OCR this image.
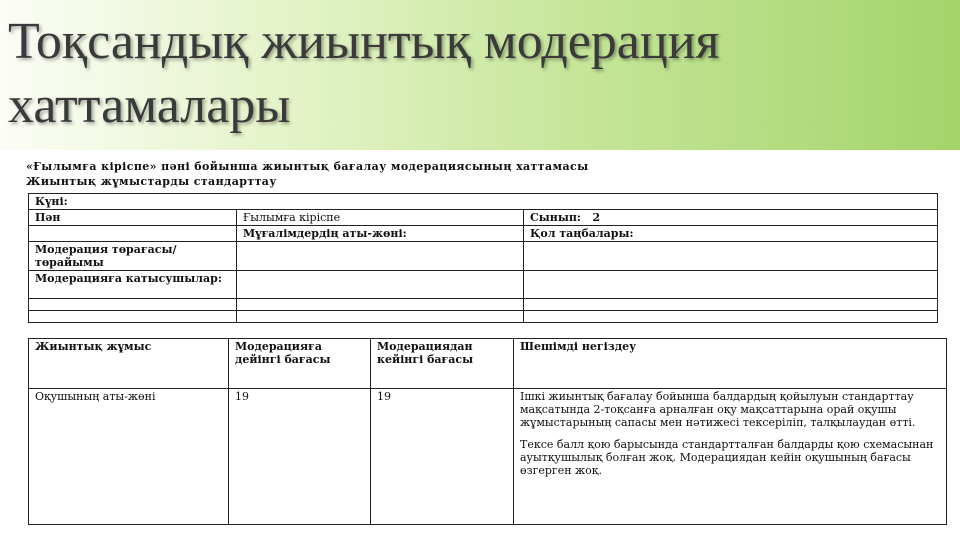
Тоқсандық жиынтық модерация хаттамалары
«Ғылымға кіріспе» пәні бойынша жиынтық бағалау модерациясының хаттамасы
Жиынтық жұмыстарды стандарттау
Күні:		
Пән	Ғылымға кіріспе	Сынып: 2
	Мұғалімдердің аты-жөні:	Қол таңбалары:
Модерация төрағасы/төрайымы		
Модерацияға катысушылар:		

Жиынтық жұмыс	Модерацияға дейінгі бағасы	Модерациядан кейінгі бағасы	Шешімді негіздеу
Оқушының аты-жөні	19	19	Ішкі жиынтық бағалау бойынша балдардың қойылуын стандарттау мақсатында 2-тоқсанға арналған оқу мақсаттарына орай оқушы жұмыстарының сапасы мен нәтижесі тексеріліп, талқылаудан өтті.
Тексе балл қою барысында стандартталған балдарды қою схемасынан ауытқушылық болған жоқ. Модерациядан кейін оқушының бағасы өзгерген жоқ.
